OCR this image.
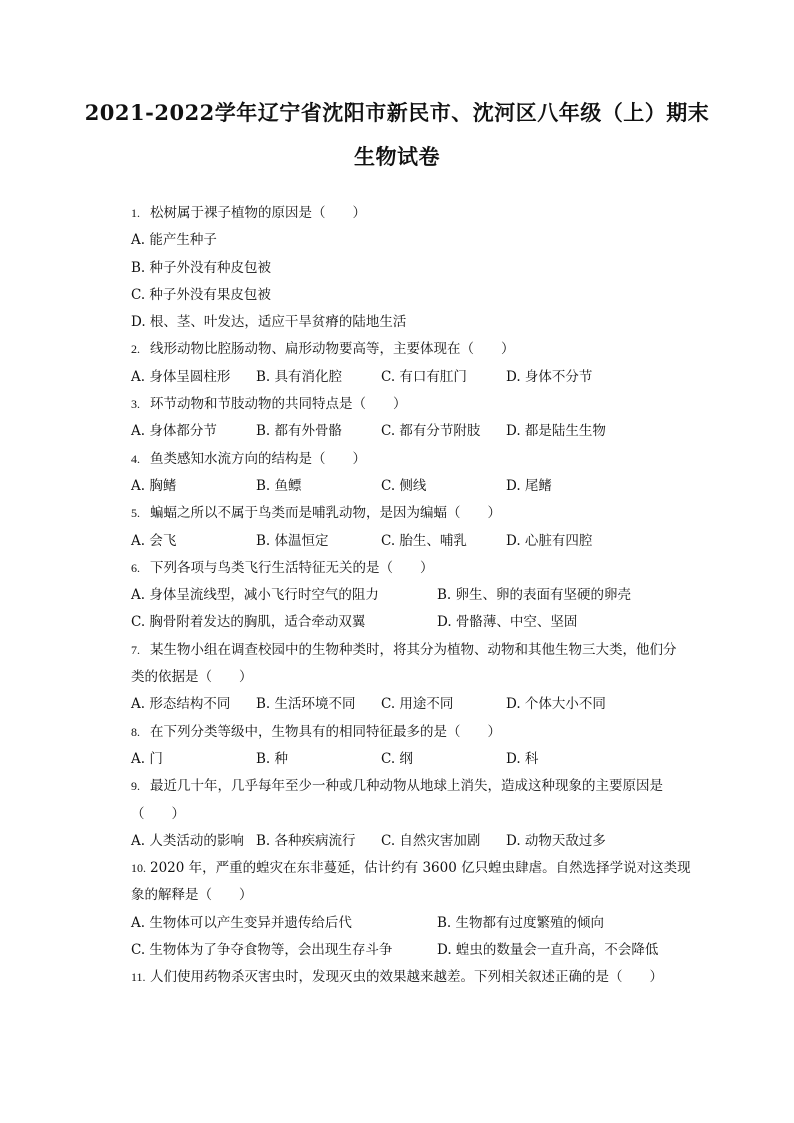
2021-2022学年辽宁省沈阳市新民市、沈河区八年级（上）期末
生物试卷
1. 松树属于裸子植物的原因是（　　）
A. 能产生种子
B. 种子外没有种皮包被
C. 种子外没有果皮包被
D. 根、茎、叶发达，适应干旱贫瘠的陆地生活
2. 线形动物比腔肠动物、扁形动物要高等，主要体现在（　　）
A. 身体呈圆柱形 B. 具有消化腔	C. 有口有肛门	D. 身体不分节
3. 环节动物和节肢动物的共同特点是（　　）
A. 身体都分节	B. 都有外骨骼	C. 都有分节附肢 D. 都是陆生生物
4. 鱼类感知水流方向的结构是（　　）
A. 胸鳍	B. 鱼鳔	C. 侧线	D. 尾鳍
5. 蝙蝠之所以不属于鸟类而是哺乳动物，是因为编蝠（　　）
A. 会飞	B. 体温恒定	C. 胎生、哺乳	D. 心脏有四腔
6. 下列各项与鸟类飞行生活特征无关的是（　　）
A. 身体呈流线型，减小飞行时空气的阻力	B. 卵生、卵的表面有坚硬的卵壳
C. 胸骨附着发达的胸肌，适合牵动双翼	D. 骨骼薄、中空、坚固
7. 某生物小组在调查校园中的生物种类时，将其分为植物、动物和其他生物三大类，他们分
类的依据是（　　）
A. 形态结构不同 B. 生活环境不同 C. 用途不同	D. 个体大小不同
8. 在下列分类等级中，生物具有的相同特征最多的是（　　）
A. 门	B. 种	C. 纲	D. 科
9. 最近几十年，几乎每年至少一种或几种动物从地球上消失，造成这种现象的主要原因是
（　　）
A. 人类活动的影响 B. 各种疾病流行 C. 自然灾害加剧 D. 动物天敌过多
10. 2020 年，严重的蝗灾在东非蔓延，估计约有 3600 亿只蝗虫肆虐。自然选择学说对这类现
象的解释是（　　）
A. 生物体可以产生变异并遗传给后代	B. 生物都有过度繁殖的倾向
C. 生物体为了争夺食物等，会出现生存斗争	D. 蝗虫的数量会一直升高，不会降低
11. 人们使用药物杀灭害虫时，发现灭虫的效果越来越差。下列相关叙述正确的是（　　）
